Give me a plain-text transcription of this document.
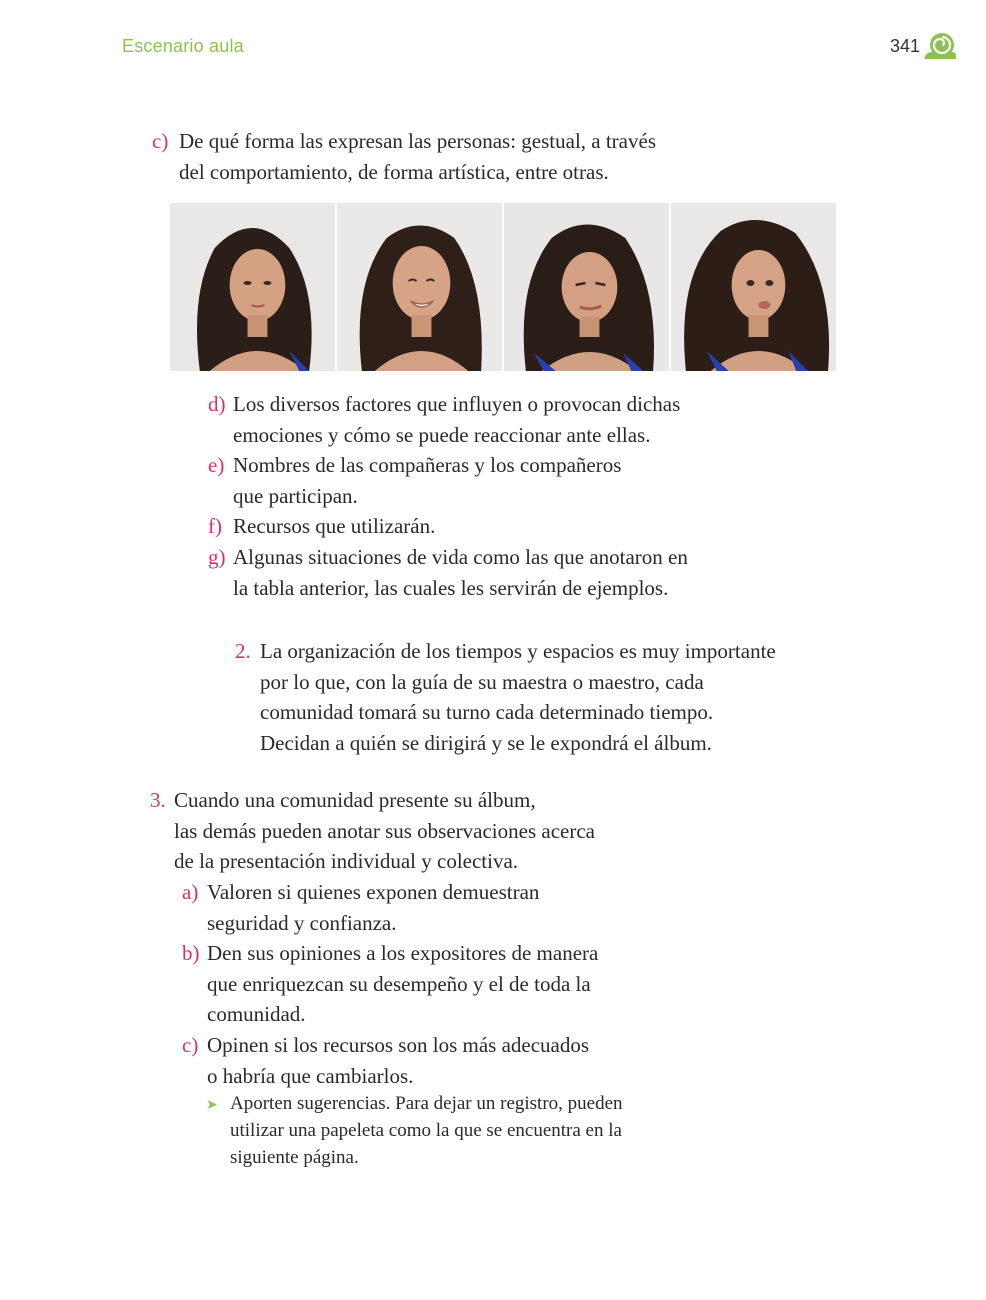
Escenario aula	341
c) De qué forma las expresan las personas: gestual, a través
del comportamiento, de forma artística, entre otras.
d) Los diversos factores que influyen o provocan dichas
emociones y cómo se puede reaccionar ante ellas.
e) Nombres de las compañeras y los compañeros
que participan.
f) Recursos que utilizarán.
g) Algunas situaciones de vida como las que anotaron en
la tabla anterior, las cuales les servirán de ejemplos.
2. La organización de los tiempos y espacios es muy importante
por lo que, con la guía de su maestra o maestro, cada
comunidad tomará su turno cada determinado tiempo.
Decidan a quién se dirigirá y se le expondrá el álbum.
3. Cuando una comunidad presente su álbum,
las demás pueden anotar sus observaciones acerca
de la presentación individual y colectiva.
a) Valoren si quienes exponen demuestran
seguridad y confianza.
b) Den sus opiniones a los expositores de manera
que enriquezcan su desempeño y el de toda la
comunidad.
c) Opinen si los recursos son los más adecuados
o habría que cambiarlos.
➤ Aporten sugerencias. Para dejar un registro, pueden
utilizar una papeleta como la que se encuentra en la
siguiente página.
